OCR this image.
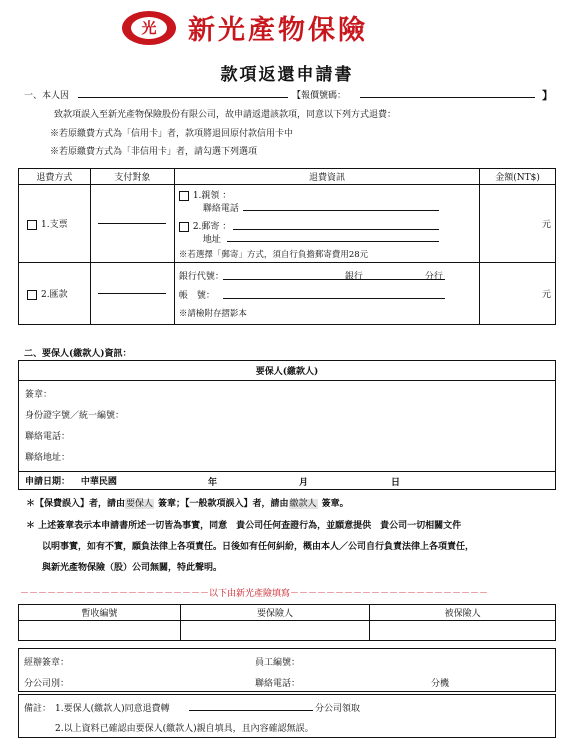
光	新光產物保險
款項返還申請書
一、本人因	【報價號碼：	】
致款項誤入至新光產物保險股份有限公司，故申請返還該款項，同意以下列方式退費：
※若原繳費方式為「信用卡」者，款項將退回原付款信用卡中
※若原繳費方式為「非信用卡」者，請勾選下列選項
退費方式	支付對象	退費資訊	金額(NT$)
1.支票		1.親領 ：
聯絡電話
2.郵寄 ：
地址
※若選擇「郵寄」方式，須自行負擔郵寄費用28元	元
2.匯款		銀行代號： 銀行 分行
帳　號：
※請檢附存摺影本	元
二、要保人(繳款人)資訊：
要保人(繳款人)

簽章：
身份證字號／統一編號：
聯絡電話：
聯絡地址：

申請日期： 中華民國	年	月	日
＊【保費誤入】者，請由要保人 簽章；【一般款項誤入】者，請由繳款人 簽章。
＊ 上述簽章表示本申請書所述一切皆為事實，同意　貴公司任何查證行為，並願意提供　貴公司一切相關文件
以明事實，如有不實，願負法律上各項責任。日後如有任何糾紛，概由本人／公司自行負責法律上各項責任，
與新光產物保險（股）公司無關，特此聲明。
－－－－－－－－－－－－－－－－－－－－－以下由新光產險填寫－－－－－－－－－－－－－－－－－－－－－－
暫收編號	要保險人	被保險人

經辦簽章：	員工編號：
分公司別：	聯絡電話：	分機
備註： 1.要保人(繳款人)同意退費轉	分公司領取
2.以上資料已確認由要保人(繳款人)親自填具，且內容確認無誤。
